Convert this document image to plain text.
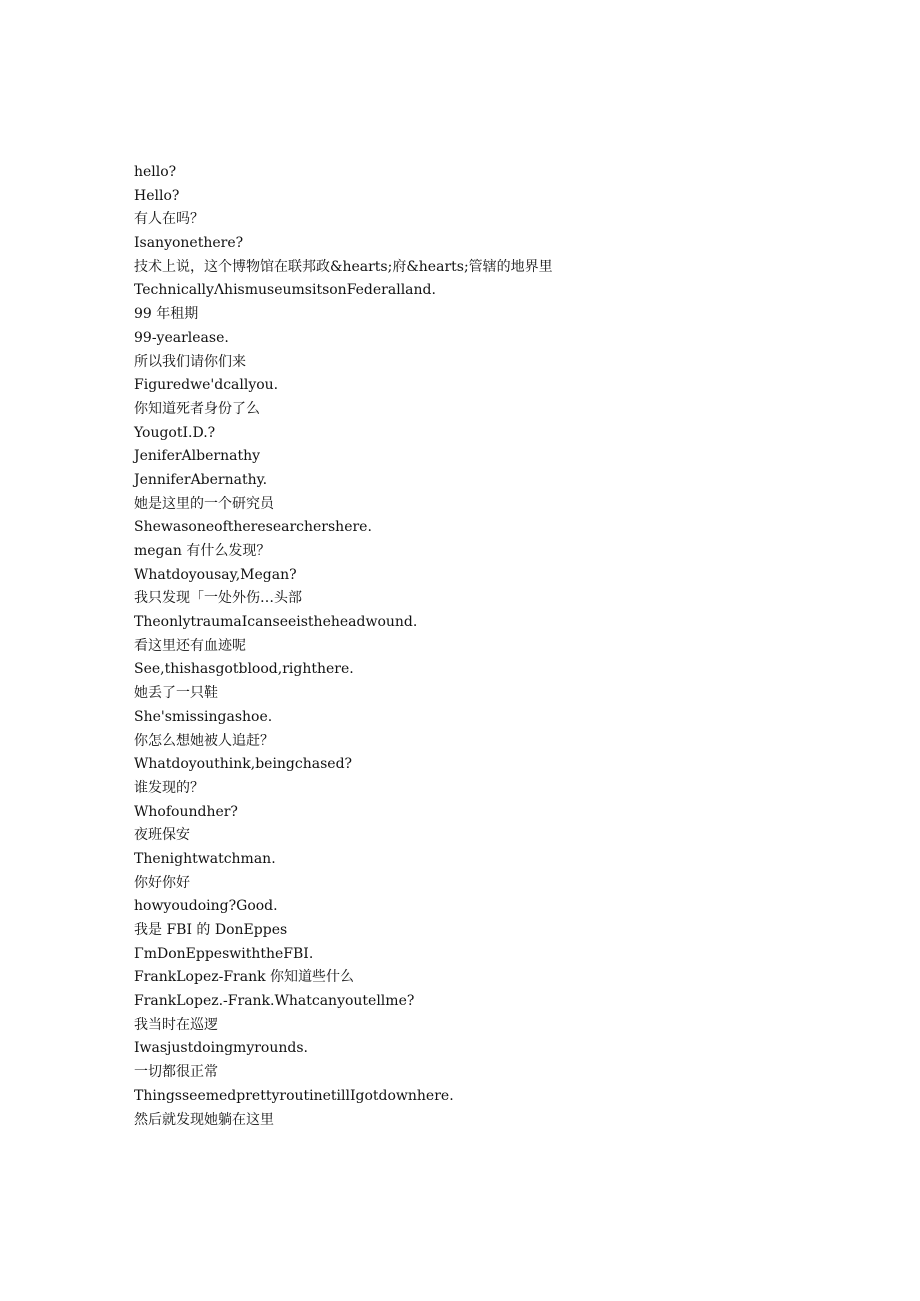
hello?
Hello?
有人在吗？
Isanyonethere?
技术上说，这个博物馆在联邦政&hearts;府&hearts;管辖的地界里
TechnicallyΛhismuseumsitsonFederalland.
99 年租期
99-yearlease.
所以我们请你们来
Figuredwe'dcallyou.
你知道死者身份了么
YougotI.D.?
JeniferAlbernathy
JenniferAbernathy.
她是这里的一个研究员
Shewasoneoftheresearchershere.
megan 有什么发现？
Whatdoyousay,Megan?
我只发现「一处外伤…头部
TheonlytraumaIcanseeistheheadwound.
看这里还有血迹呢
See,thishasgotblood,righthere.
她丢了一只鞋
She'smissingashoe.
你怎么想她被人追赶？
Whatdoyouthink,beingchased?
谁发现的？
Whofoundher?
夜班保安
Thenightwatchman.
你好你好
howyoudoing?Good.
我是 FBI 的 DonEppes
ΓmDonEppeswiththeFBI.
FrankLopez-Frank 你知道些什么
FrankLopez.-Frank.Whatcanyoutellme?
我当时在巡逻
Iwasjustdoingmyrounds.
一切都很正常
ThingsseemedprettyroutinetillIgotdownhere.
然后就发现她躺在这里
